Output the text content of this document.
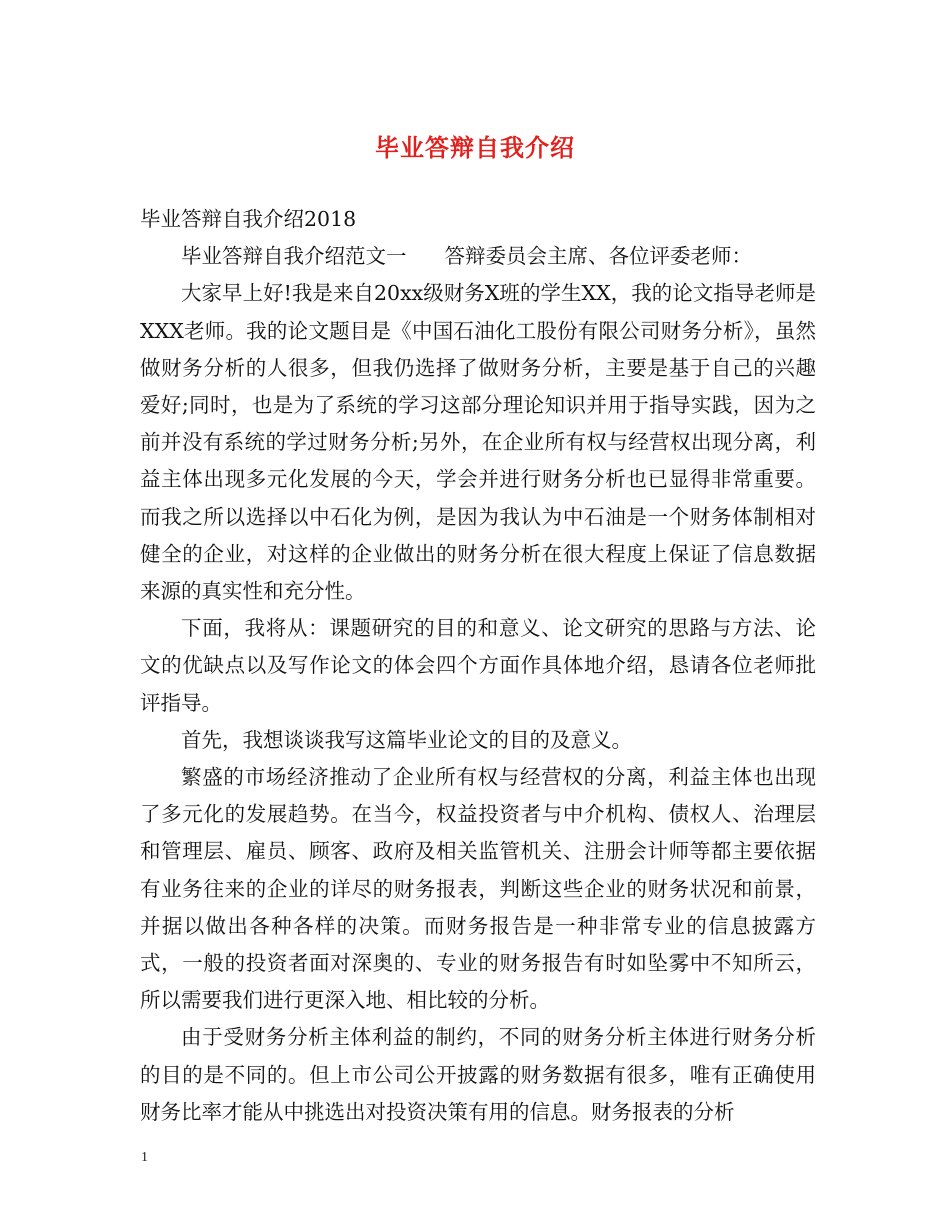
毕业答辩自我介绍

毕业答辩自我介绍2018

毕业答辩自我介绍范文一 答辩委员会主席、各位评委老师：

大家早上好!我是来自20xx级财务X班的学生XX，我的论文指导老师是XXX老师。我的论文题目是《中国石油化工股份有限公司财务分析》，虽然做财务分析的人很多，但我仍选择了做财务分析，主要是基于自己的兴趣爱好;同时，也是为了系统的学习这部分理论知识并用于指导实践，因为之前并没有系统的学过财务分析;另外，在企业所有权与经营权出现分离，利益主体出现多元化发展的今天，学会并进行财务分析也已显得非常重要。而我之所以选择以中石化为例，是因为我认为中石油是一个财务体制相对健全的企业，对这样的企业做出的财务分析在很大程度上保证了信息数据来源的真实性和充分性。

下面，我将从：课题研究的目的和意义、论文研究的思路与方法、论文的优缺点以及写作论文的体会四个方面作具体地介绍，恳请各位老师批评指导。

首先，我想谈谈我写这篇毕业论文的目的及意义。

繁盛的市场经济推动了企业所有权与经营权的分离，利益主体也出现了多元化的发展趋势。在当今，权益投资者与中介机构、债权人、治理层和管理层、雇员、顾客、政府及相关监管机关、注册会计师等都主要依据有业务往来的企业的详尽的财务报表，判断这些企业的财务状况和前景，并据以做出各种各样的决策。而财务报告是一种非常专业的信息披露方式，一般的投资者面对深奥的、专业的财务报告有时如坠雾中不知所云，所以需要我们进行更深入地、相比较的分析。

由于受财务分析主体利益的制约，不同的财务分析主体进行财务分析的目的是不同的。但上市公司公开披露的财务数据有很多，唯有正确使用财务比率才能从中挑选出对投资决策有用的信息。财务报表的分析

1
